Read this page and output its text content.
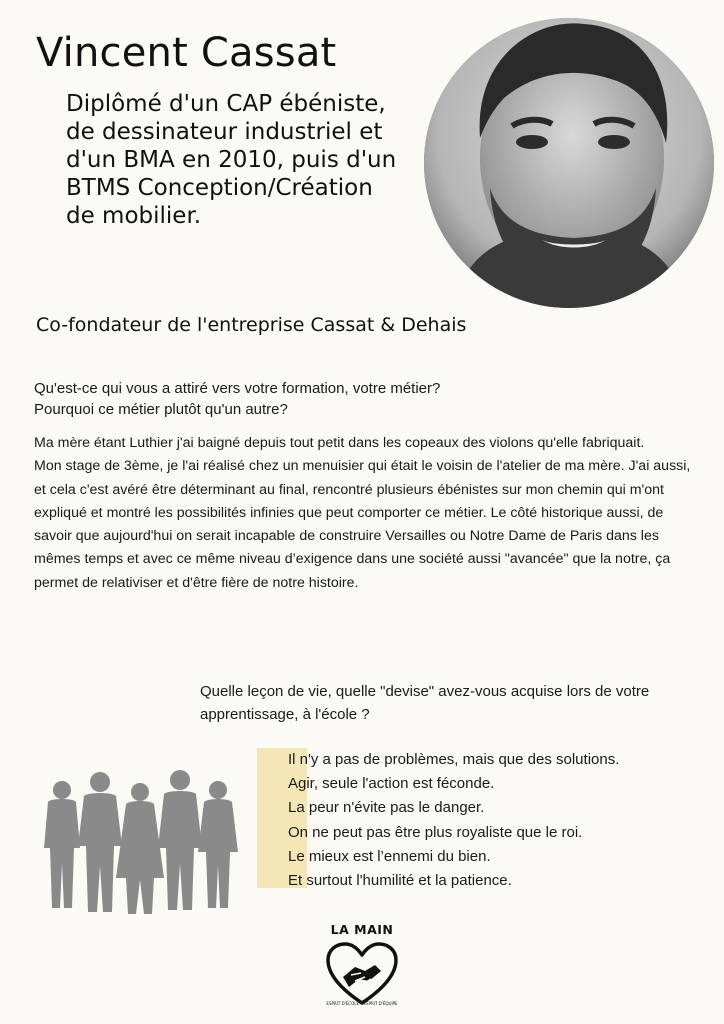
Vincent Cassat

Diplômé d'un CAP ébéniste, de dessinateur industriel et d'un BMA en 2010, puis d'un BTMS Conception/Création de mobilier.

Co-fondateur de l'entreprise Cassat & Dehais

Qu'est-ce qui vous a attiré vers votre formation, votre métier? Pourquoi ce métier plutôt qu'un autre?

Ma mère étant Luthier j'ai baigné depuis tout petit dans les copeaux des violons qu'elle fabriquait.

Mon stage de 3ème, je l'ai réalisé chez un menuisier qui était le voisin de l'atelier de ma mère. J'ai aussi, et cela c'est avéré être déterminant au final, rencontré plusieurs ébénistes sur mon chemin qui m'ont expliqué et montré les possibilités infinies que peut comporter ce métier. Le côté historique aussi, de savoir que aujourd'hui on serait incapable de construire Versailles ou Notre Dame de Paris dans les mêmes temps et avec ce même niveau d’exigence dans une société aussi "avancée" que la notre, ça permet de relativiser et d'être fière de notre histoire.

Quelle leçon de vie, quelle "devise" avez-vous acquise lors de votre apprentissage, à l'école ?

Il n'y a pas de problèmes, mais que des solutions.
Agir, seule l'action est féconde.
La peur n'évite pas le danger.
On ne peut pas être plus royaliste que le roi.
Le mieux est l’ennemi du bien.
Et surtout l'humilité et la patience.
LA MAIN
ESPRIT D'ÉCOLE – ESPRIT D'ÉQUIPE
